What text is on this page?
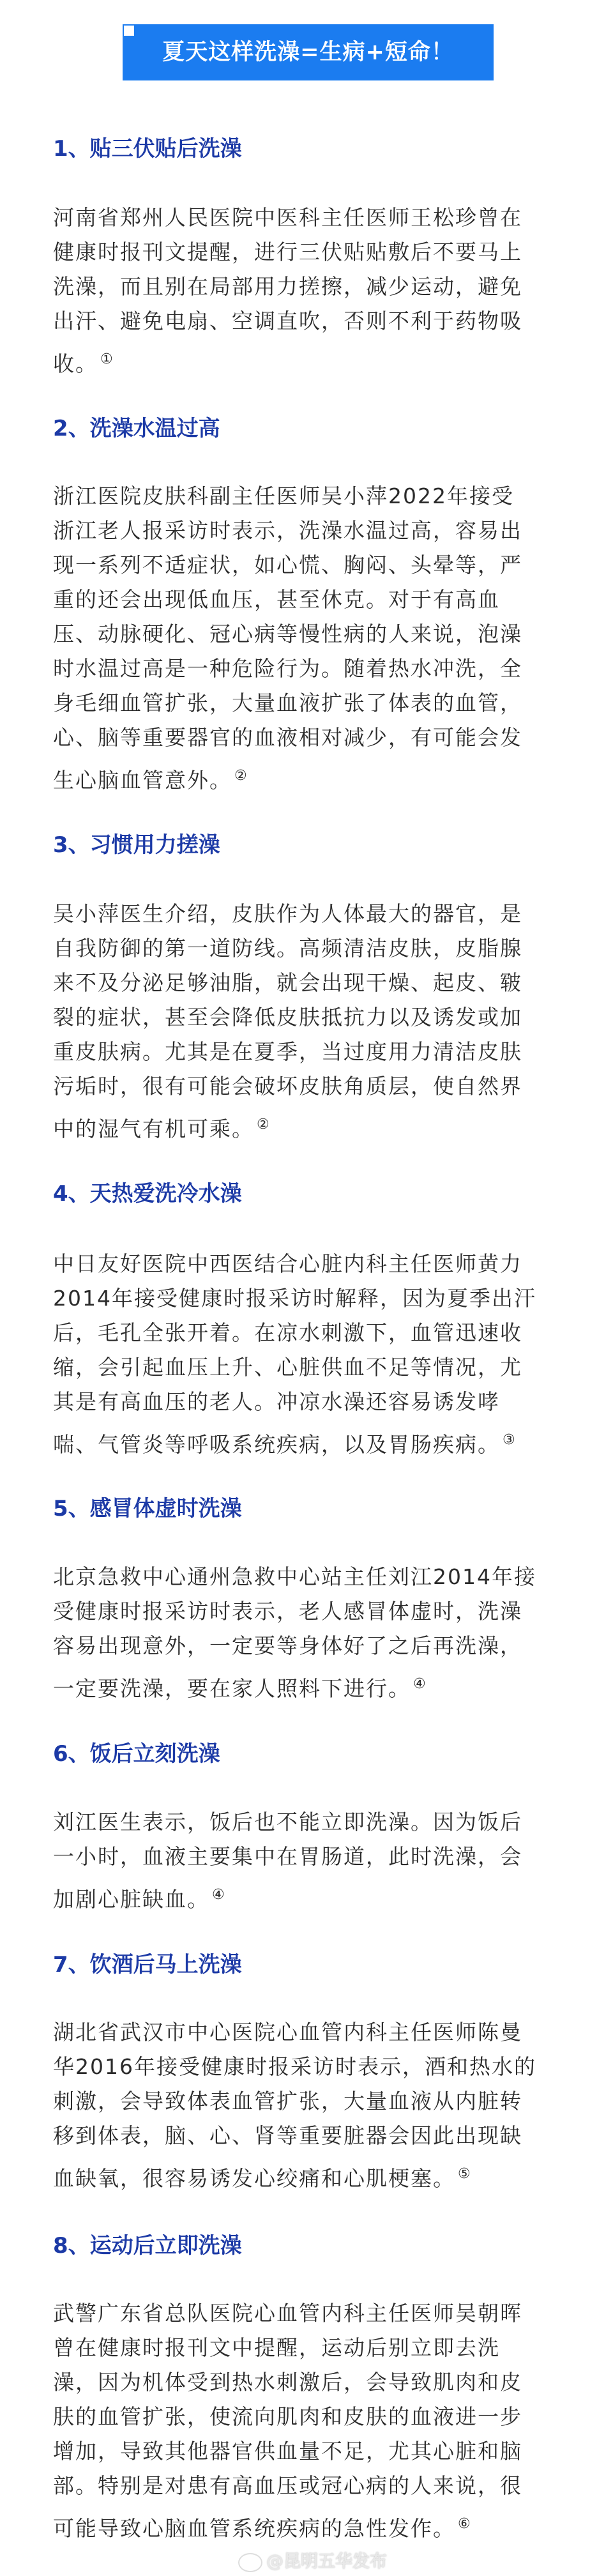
夏天这样洗澡=生病+短命！
1、贴三伏贴后洗澡
河南省郑州人民医院中医科主任医师王松珍曾在
健康时报刊文提醒，进行三伏贴贴敷后不要马上
洗澡，而且别在局部用力搓擦，减少运动，避免
出汗、避免电扇、空调直吹，否则不利于药物吸
收。 ①
2、洗澡水温过高
浙江医院皮肤科副主任医师吴小萍2022年接受
浙江老人报采访时表示，洗澡水温过高，容易出
现一系列不适症状，如心慌、胸闷、头晕等，严
重的还会出现低血压，甚至休克。对于有高血
压、动脉硬化、冠心病等慢性病的人来说，泡澡
时水温过高是一种危险行为。随着热水冲洗，全
身毛细血管扩张，大量血液扩张了体表的血管，
心、脑等重要器官的血液相对减少，有可能会发
生心脑血管意外。 ②
3、习惯用力搓澡
吴小萍医生介绍，皮肤作为人体最大的器官，是
自我防御的第一道防线。高频清洁皮肤，皮脂腺
来不及分泌足够油脂，就会出现干燥、起皮、皲
裂的症状，甚至会降低皮肤抵抗力以及诱发或加
重皮肤病。尤其是在夏季，当过度用力清洁皮肤
污垢时，很有可能会破坏皮肤角质层，使自然界
中的湿气有机可乘。 ②
4、天热爱洗冷水澡
中日友好医院中西医结合心脏内科主任医师黄力
2014年接受健康时报采访时解释，因为夏季出汗
后，毛孔全张开着。在凉水刺激下，血管迅速收
缩，会引起血压上升、心脏供血不足等情况，尤
其是有高血压的老人。冲凉水澡还容易诱发哮
喘、气管炎等呼吸系统疾病，以及胃肠疾病。 ③
5、感冒体虚时洗澡
北京急救中心通州急救中心站主任刘江2014年接
受健康时报采访时表示，老人感冒体虚时，洗澡
容易出现意外，一定要等身体好了之后再洗澡，
一定要洗澡，要在家人照料下进行。 ④
6、饭后立刻洗澡
刘江医生表示，饭后也不能立即洗澡。因为饭后
一小时，血液主要集中在胃肠道，此时洗澡，会
加剧心脏缺血。 ④
7、饮酒后马上洗澡
湖北省武汉市中心医院心血管内科主任医师陈曼
华2016年接受健康时报采访时表示，酒和热水的
刺激，会导致体表血管扩张，大量血液从内脏转
移到体表，脑、心、肾等重要脏器会因此出现缺
血缺氧，很容易诱发心绞痛和心肌梗塞。 ⑤
8、运动后立即洗澡
武警广东省总队医院心血管内科主任医师吴朝晖
曾在健康时报刊文中提醒，运动后别立即去洗
澡，因为机体受到热水刺激后，会导致肌肉和皮
肤的血管扩张，使流向肌肉和皮肤的血液进一步
增加，导致其他器官供血量不足，尤其心脏和脑
部。特别是对患有高血压或冠心病的人来说，很
可能导致心脑血管系统疾病的急性发作。 ⑥
@昆明五华发布
